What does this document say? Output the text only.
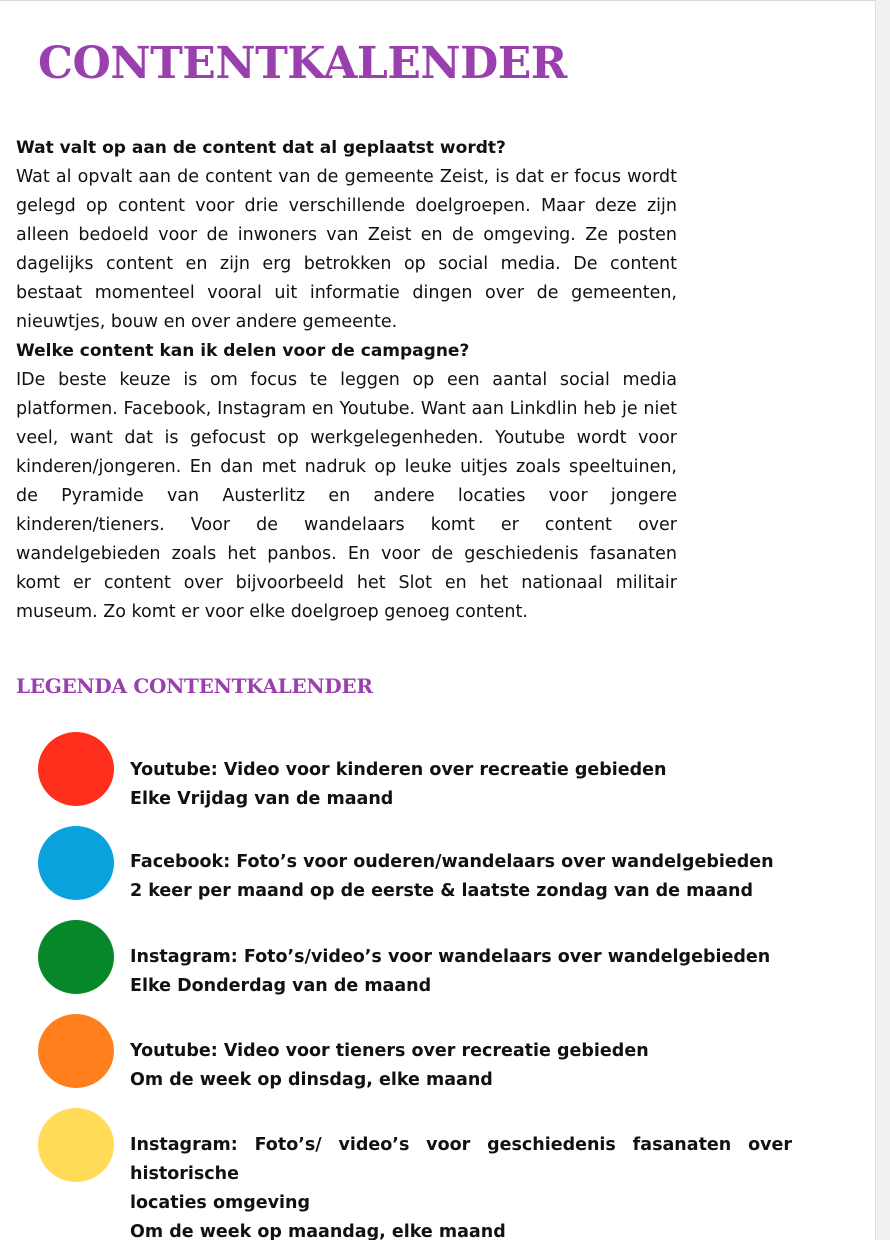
CONTENTKALENDER
Wat valt op aan de content dat al geplaatst wordt?

Wat al opvalt aan de content van de gemeente Zeist, is dat er focus wordt gelegd op content voor drie verschillende doelgroepen. Maar deze zijn alleen bedoeld voor de inwoners van Zeist en de omgeving. Ze posten dagelijks content en zijn erg betrokken op social media. De content bestaat momenteel vooral uit informatie dingen over de gemeenten, nieuwtjes, bouw en over andere gemeente.

Welke content kan ik delen voor de campagne?

IDe beste keuze is om focus te leggen op een aantal social media platformen. Facebook, Instagram en Youtube. Want aan Linkdlin heb je niet veel, want dat is gefocust op werkgelegenheden. Youtube wordt voor kinderen/jongeren. En dan met nadruk op leuke uitjes zoals speeltuinen, de Pyramide van Austerlitz en andere locaties voor jongere kinderen/tieners. Voor de wandelaars komt er content over wandelgebieden zoals het panbos. En voor de geschiedenis fasanaten komt er content over bijvoorbeeld het Slot en het nationaal militair museum. Zo komt er voor elke doelgroep genoeg content.

LEGENDA CONTENTKALENDER
Youtube: Video voor kinderen over recreatie gebieden
Elke Vrijdag van de maand
Facebook: Foto’s voor ouderen/wandelaars over wandelgebieden
2 keer per maand op de eerste & laatste zondag van de maand
Instagram: Foto’s/video’s voor wandelaars over wandelgebieden
Elke Donderdag van de maand
Youtube: Video voor tieners over recreatie gebieden
Om de week op dinsdag, elke maand
Instagram: Foto’s/ video’s voor geschiedenis fasanaten over historische
locaties omgeving
Om de week op maandag, elke maand
